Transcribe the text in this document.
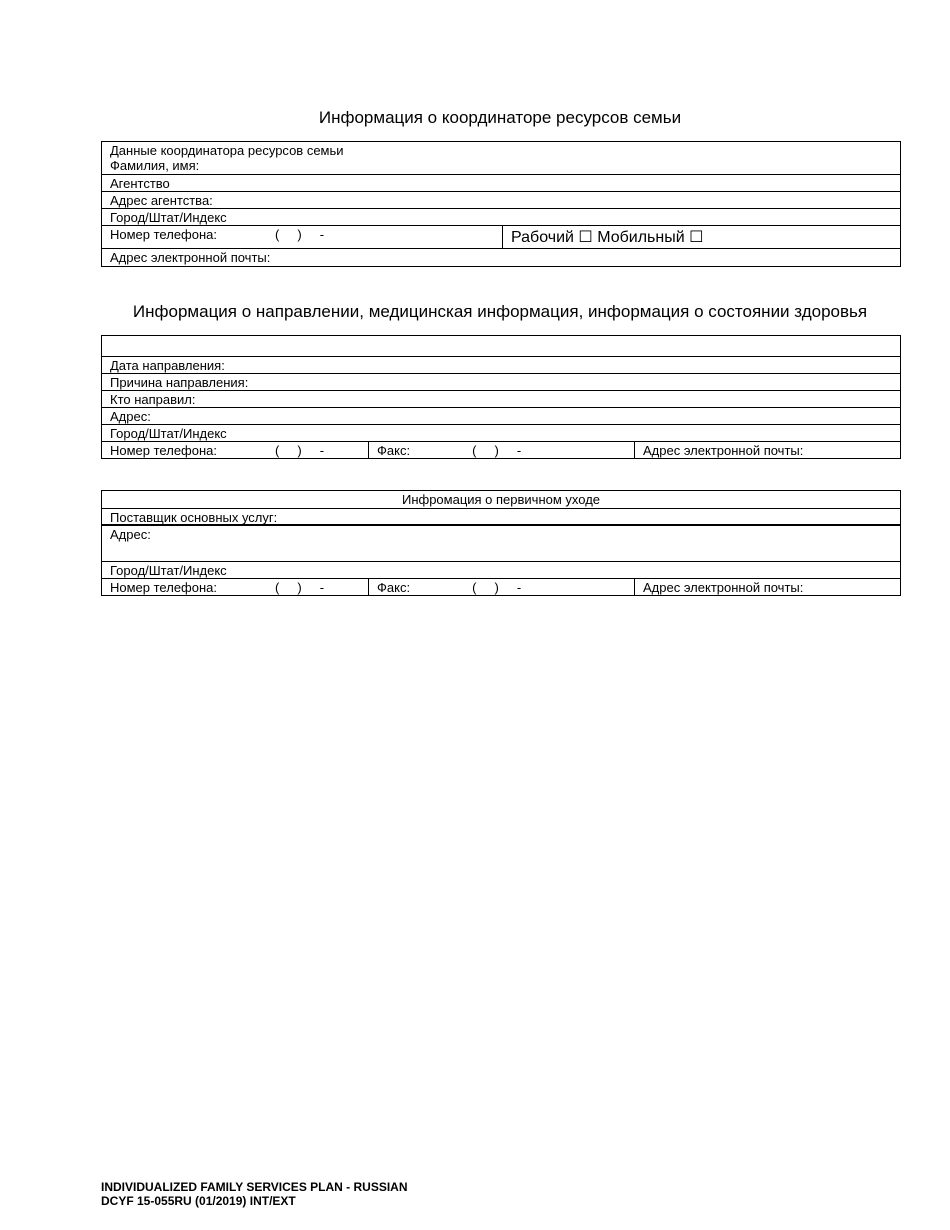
Информация о координаторе ресурсов семьи
Данные координатора ресурсов семьи
Фамилия, имя:
Агентство
Адрес агентства:
Город/Штат/Индекс
Номер телефона:	(     )     -	Рабочий ☐ Мобильный ☐
Адрес электронной почты:
Информация о направлении, медицинская информация, информация о состоянии здоровья
Дата направления:
Причина направления:
Кто направил:
Адрес:
Город/Штат/Индекс
Номер телефона:	(     )     -	Факс:	(     )     -	Адрес электронной почты:
Инфромация о первичном уходе
Поставщик основных услуг:
Адрес:
Город/Штат/Индекс
Номер телефона:	(     )     -	Факс:	(     )     -	Адрес электронной почты:
INDIVIDUALIZED FAMILY SERVICES PLAN - RUSSIAN
DCYF 15-055RU (01/2019) INT/EXT
